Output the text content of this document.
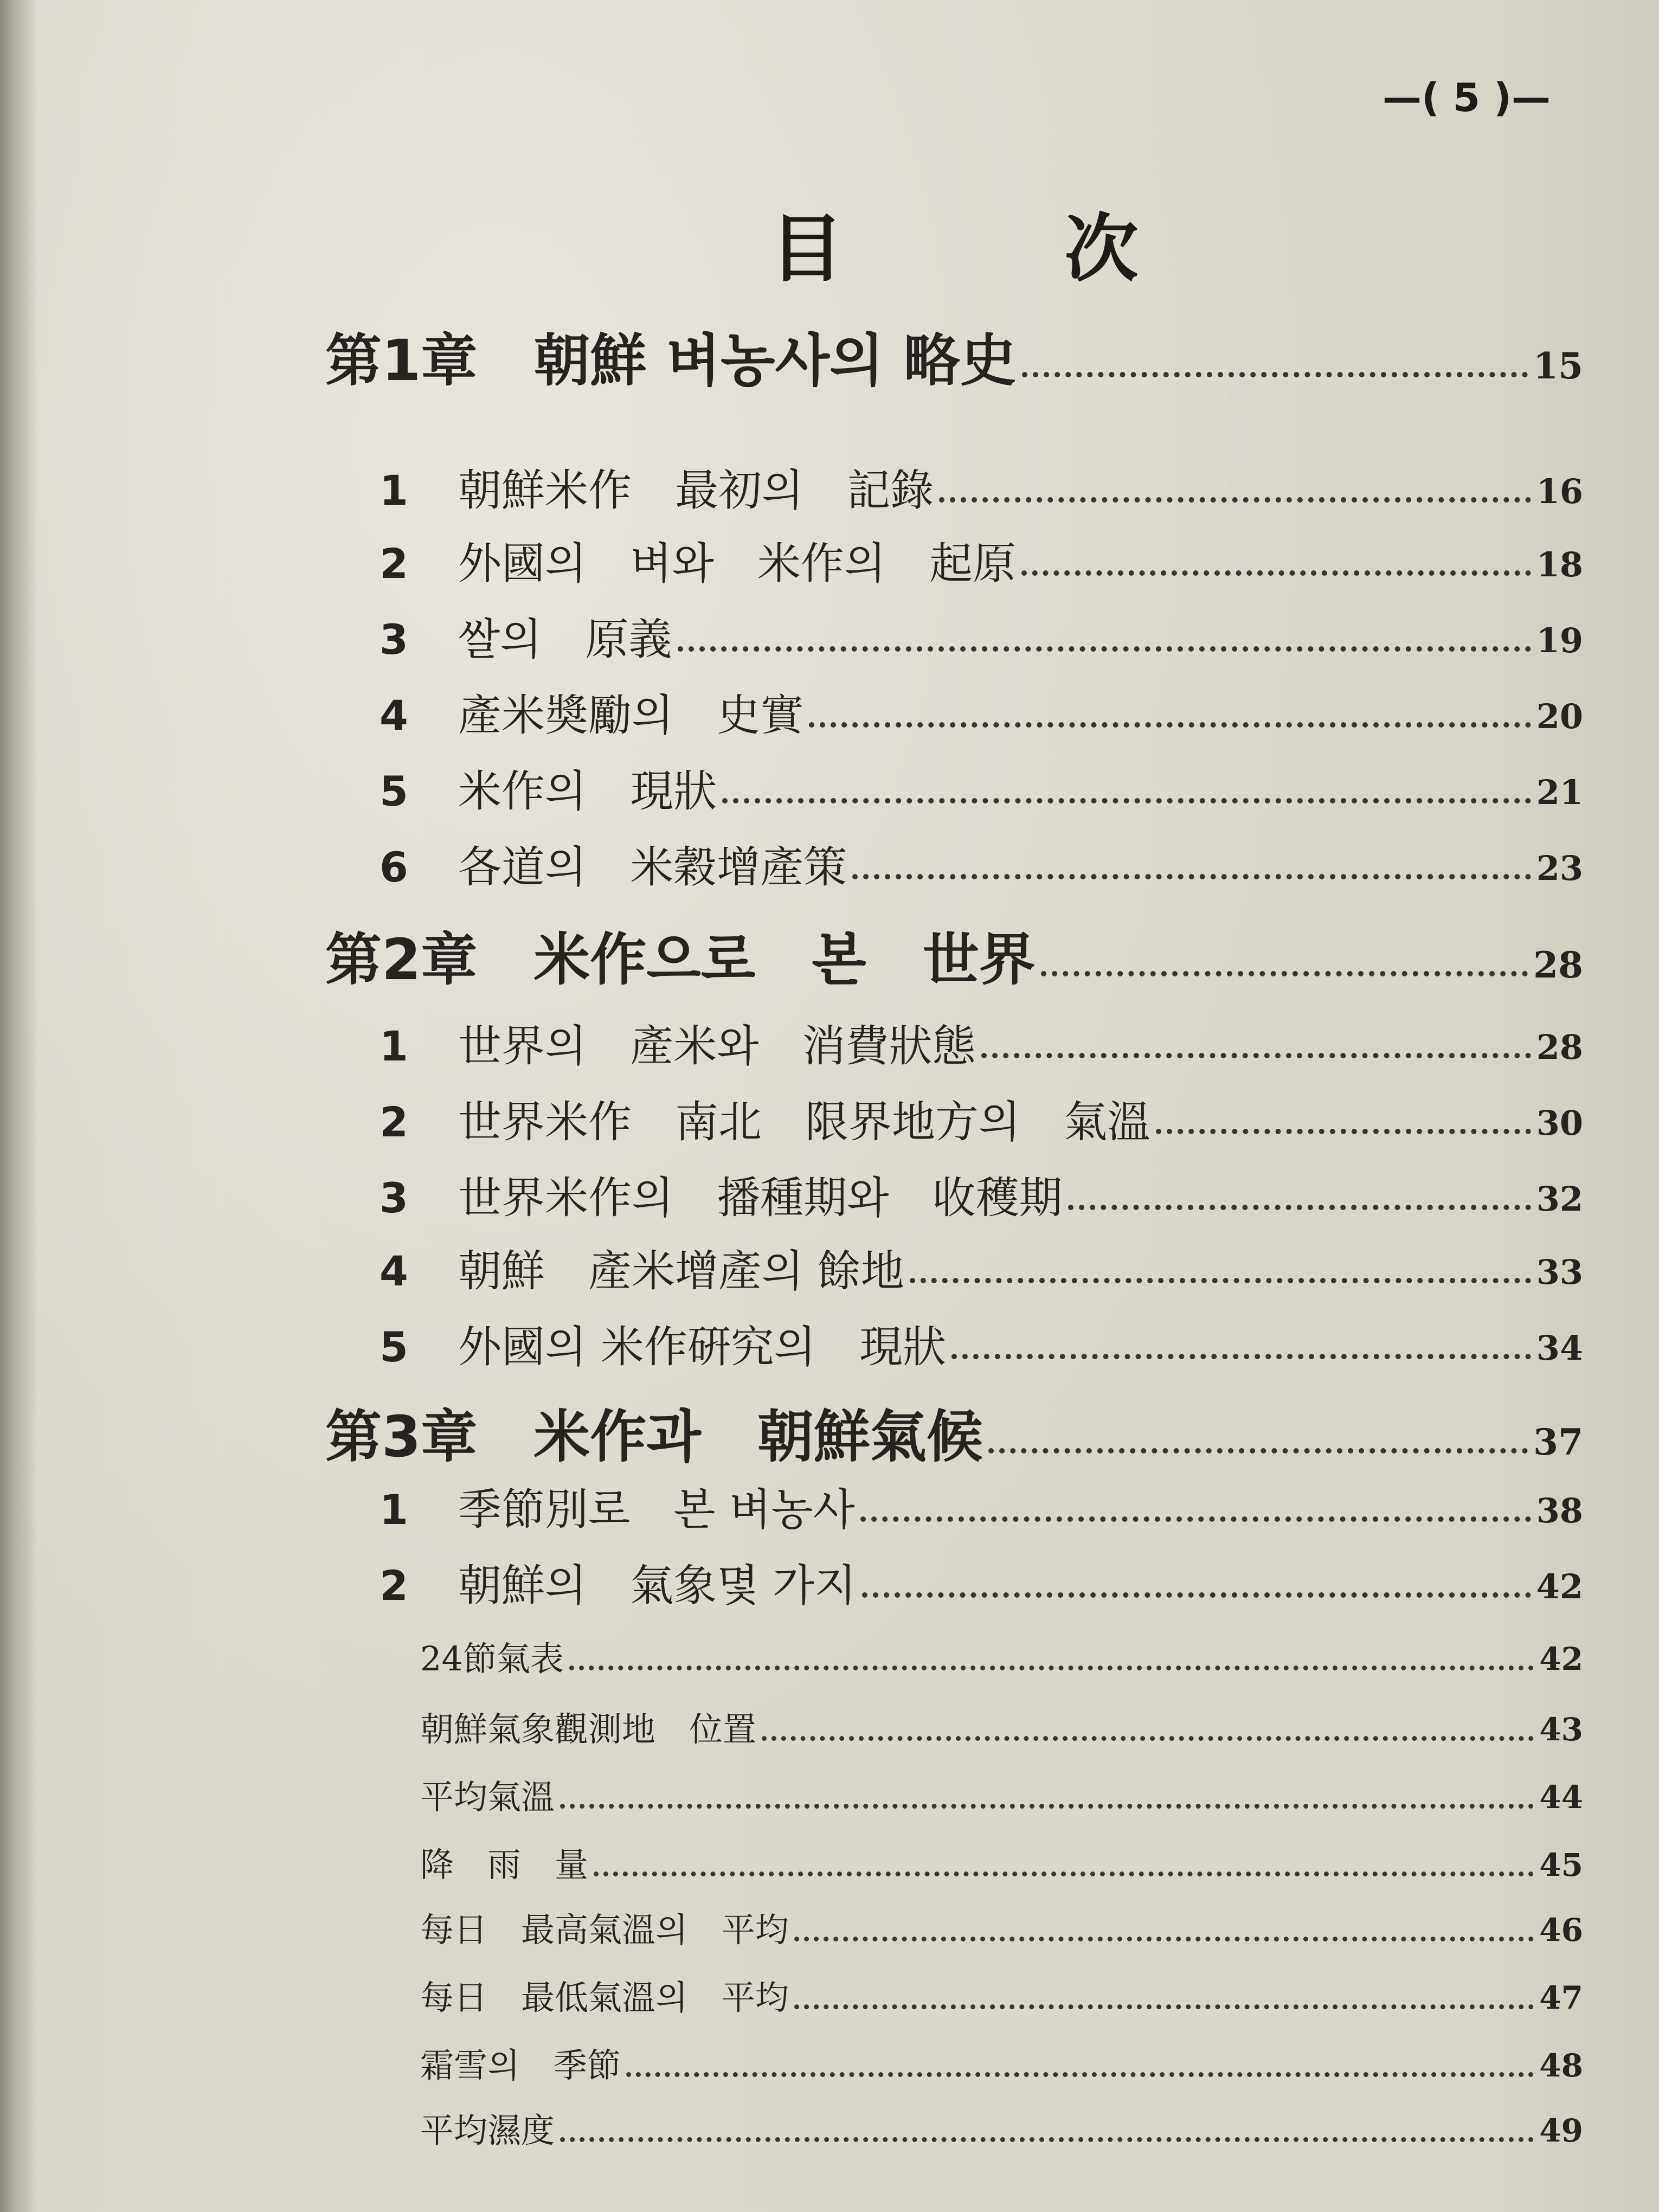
—( 5 )—
目 次
第1章　朝鮮 벼농사의 略史	15
1	朝鮮米作　最初의　記錄	16
2	外國의　벼와　米作의　起原	18
3	쌀의　原義	19
4	產米奬勵의　史實	20
5	米作의　現狀	21
6	各道의　米穀增產策	23
第2章　米作으로　본　世界	28
1	世界의　產米와　消費狀態	28
2	世界米作　南北　限界地方의　氣溫	30
3	世界米作의　播種期와　收穫期	32
4	朝鮮　產米增產의 餘地	33
5	外國의 米作硏究의　現狀	34
第3章　米作과　朝鮮氣候	37
1	季節別로　본 벼농사	38
2	朝鮮의　氣象몇 가지	42
24節氣表	42
朝鮮氣象觀測地　位置	43
平均氣溫	44
降　雨　量	45
每日　最高氣溫의　平均	46
每日　最低氣溫의　平均	47
霜雪의　季節	48
平均濕度	49
